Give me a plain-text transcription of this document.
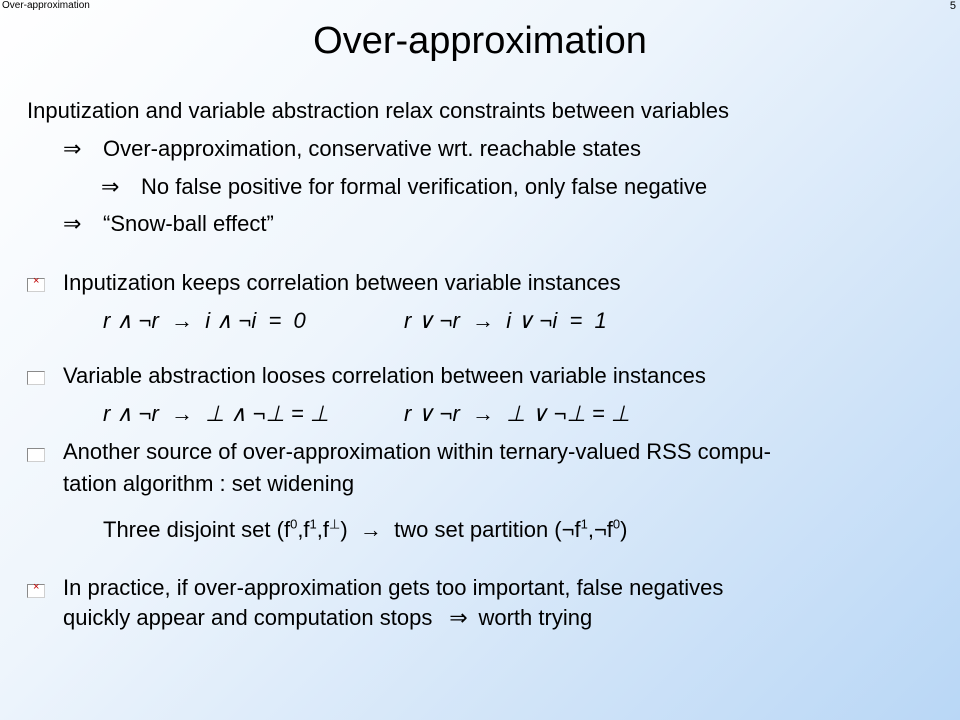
Over-approximation	5
Over-approximation
Inputization and variable abstraction relax constraints between variables
⇒ Over-approximation, conservative wrt. reachable states
⇒ No false positive for formal verification, only false negative
⇒ “Snow-ball effect”
×
Inputization keeps correlation between variable instances
r ∧ ¬r  →  i ∧ ¬i  =  0	r ∨ ¬r  →  i ∨ ¬i  =  1
Variable abstraction looses correlation between variable instances
r ∧ ¬r  →  ⊥ ∧ ¬⊥ = ⊥	r ∨ ¬r  →  ⊥ ∨ ¬⊥ = ⊥
Another source of over-approximation within ternary-valued RSS compu-
tation algorithm : set widening
Three disjoint set $(f^0,f^1,f^\perp)$  →  two set partition $(\neg f^1,\neg f^0)$
×
In practice, if over-approximation gets too important, false negatives
quickly appear and computation stops ⇒ worth trying
